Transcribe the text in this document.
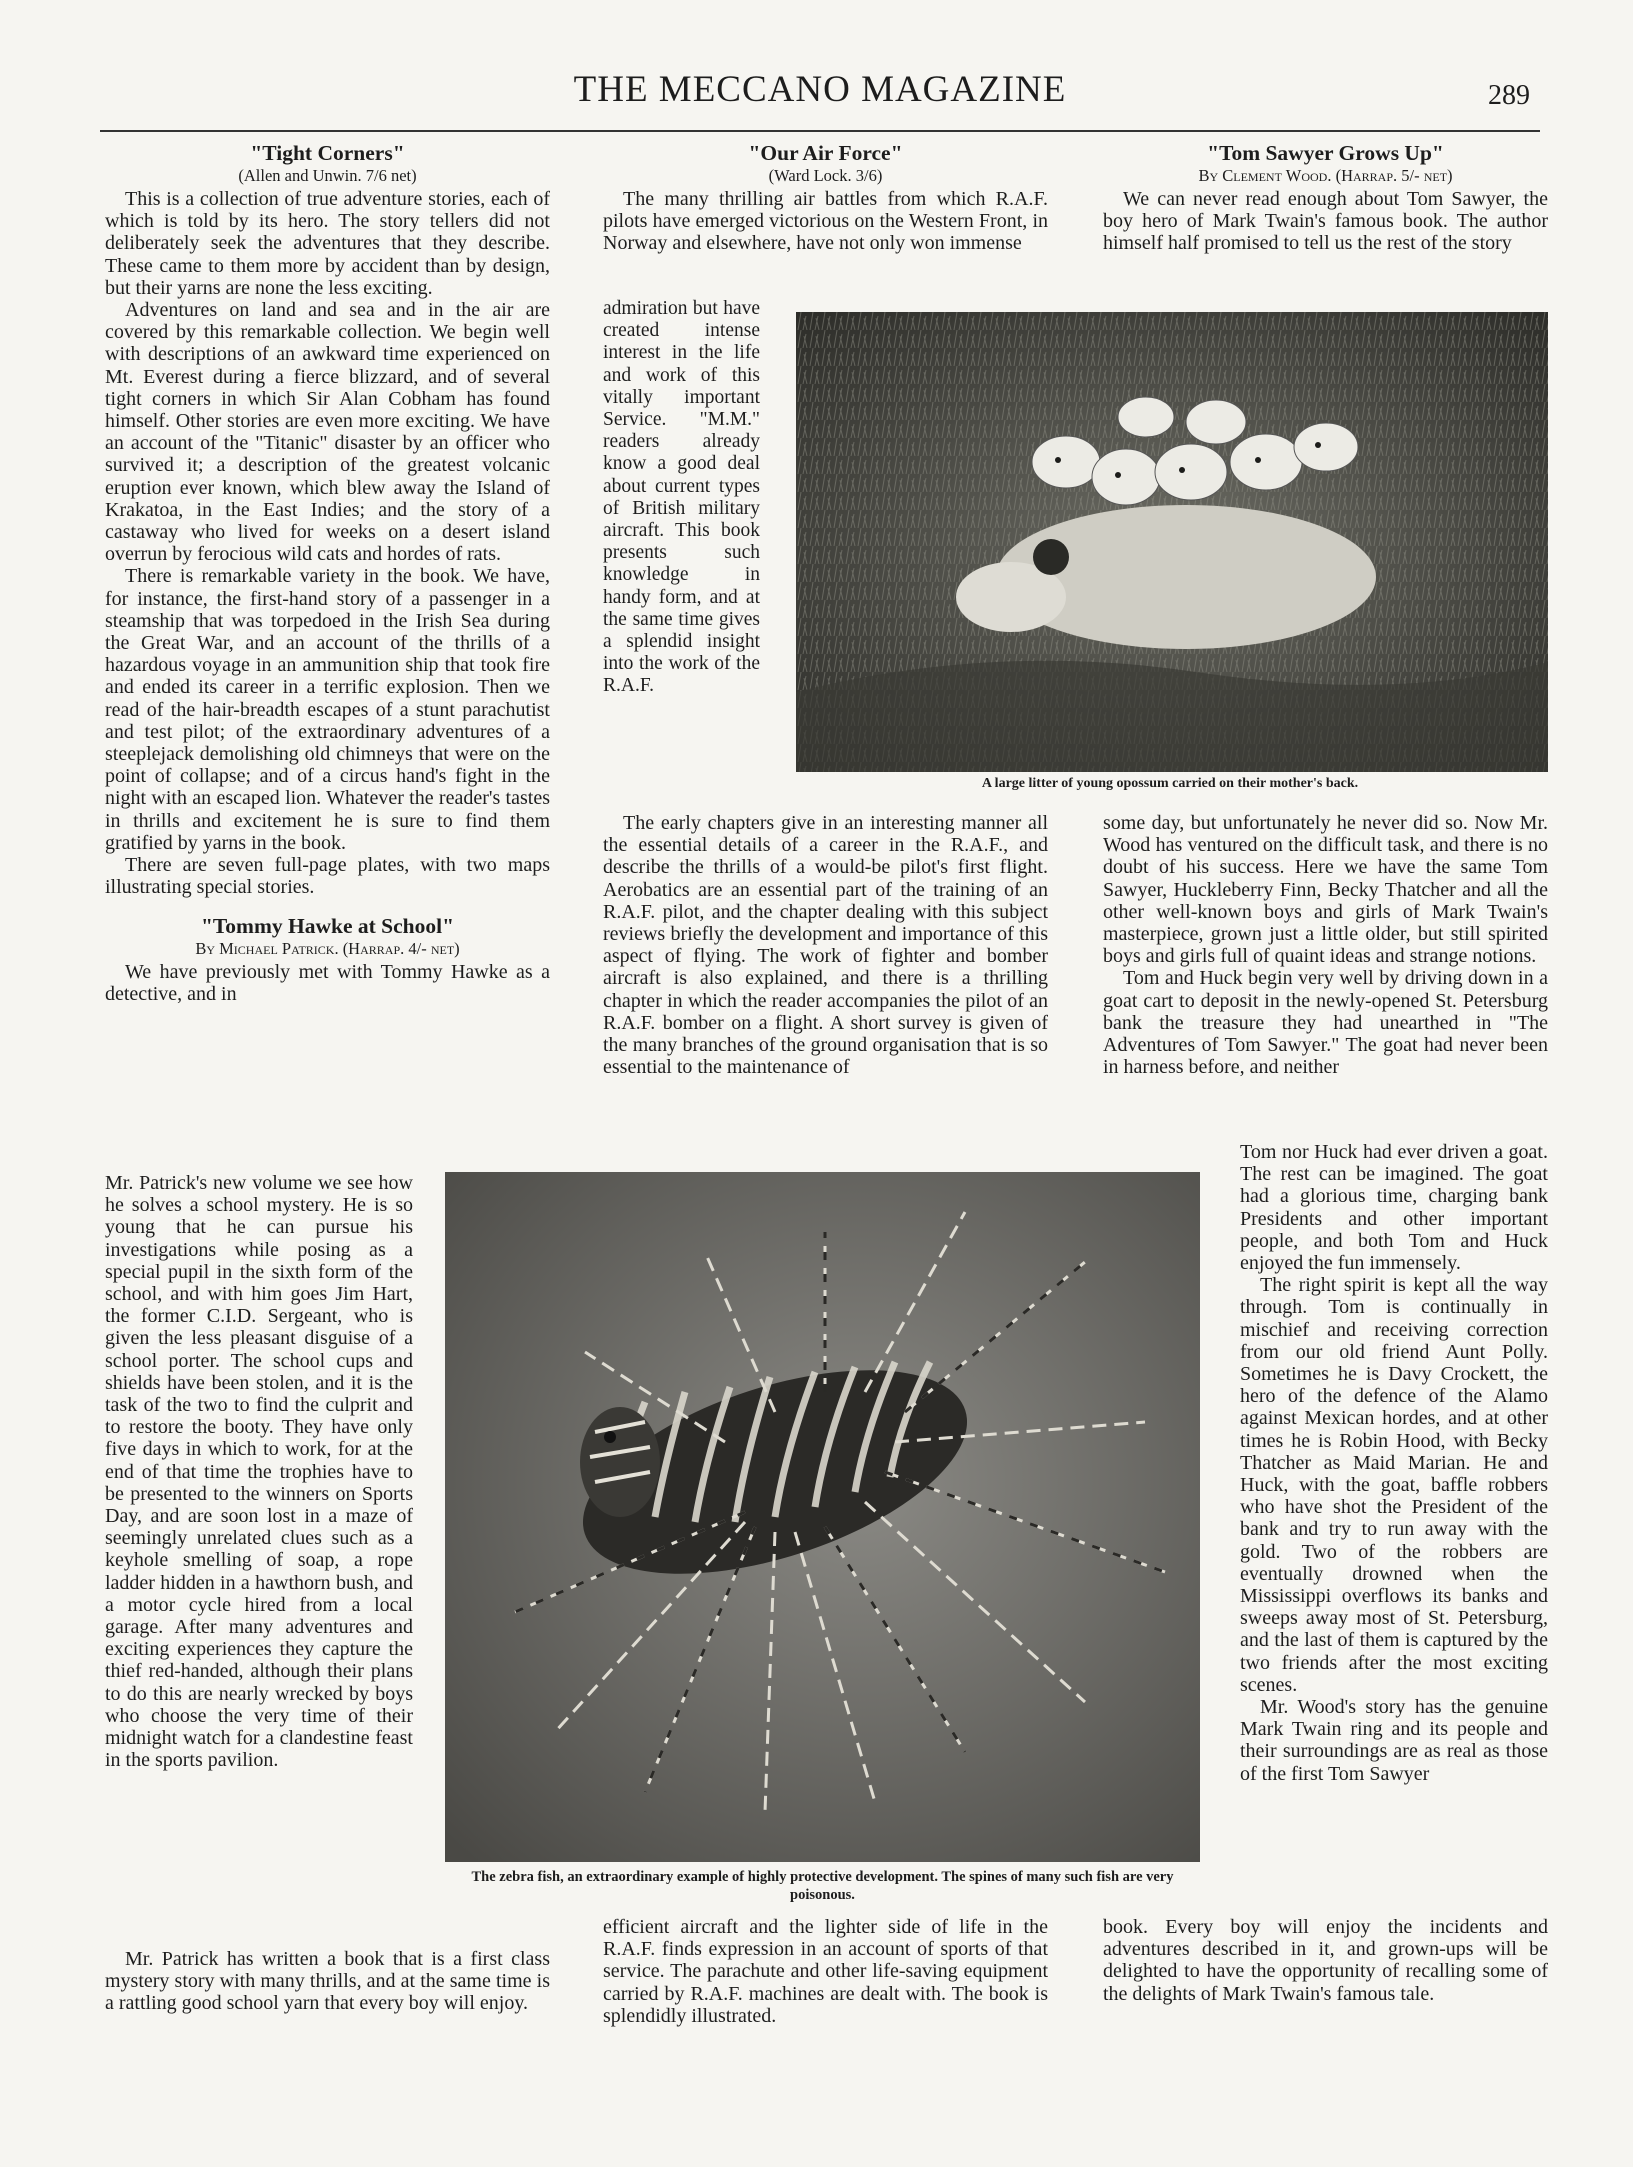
THE MECCANO MAGAZINE	289
"Tight Corners"
(Allen and Unwin. 7/6 net)

This is a collection of true adventure stories, each of which is told by its hero. The story tellers did not deliberately seek the adventures that they describe. These came to them more by accident than by design, but their yarns are none the less exciting.

Adventures on land and sea and in the air are covered by this remarkable collection. We begin well with descriptions of an awkward time experienced on Mt. Everest during a fierce blizzard, and of several tight corners in which Sir Alan Cobham has found himself. Other stories are even more exciting. We have an account of the "Titanic" disaster by an officer who survived it; a description of the greatest volcanic eruption ever known, which blew away the Island of Krakatoa, in the East Indies; and the story of a castaway who lived for weeks on a desert island overrun by ferocious wild cats and hordes of rats.

There is remarkable variety in the book. We have, for instance, the first-hand story of a passenger in a steamship that was torpedoed in the Irish Sea during the Great War, and an account of the thrills of a hazardous voyage in an ammunition ship that took fire and ended its career in a terrific explosion. Then we read of the hair-breadth escapes of a stunt parachutist and test pilot; of the extraordinary adventures of a steeplejack demolishing old chimneys that were on the point of collapse; and of a circus hand's fight in the night with an escaped lion. Whatever the reader's tastes in thrills and excitement he is sure to find them gratified by yarns in the book.

There are seven full-page plates, with two maps illustrating special stories.

"Tommy Hawke at School"
By Michael Patrick. (Harrap. 4/- net)

We have previously met with Tommy Hawke as a detective, and in

Mr. Patrick's new volume we see how he solves a school mystery. He is so young that he can pursue his investigations while posing as a special pupil in the sixth form of the school, and with him goes Jim Hart, the former C.I.D. Sergeant, who is given the less pleasant disguise of a school porter. The school cups and shields have been stolen, and it is the task of the two to find the culprit and to restore the booty. They have only five days in which to work, for at the end of that time the trophies have to be presented to the winners on Sports Day, and are soon lost in a maze of seemingly unrelated clues such as a keyhole smelling of soap, a rope ladder hidden in a hawthorn bush, and a motor cycle hired from a local garage. After many adventures and exciting experiences they capture the thief red-handed, although their plans to do this are nearly wrecked by boys who choose the very time of their midnight watch for a clandestine feast in the sports pavilion.

Mr. Patrick has written a book that is a first class mystery story with many thrills, and at the same time is a rattling good school yarn that every boy will enjoy.

"Our Air Force"
(Ward Lock. 3/6)

The many thrilling air battles from which R.A.F. pilots have emerged victorious on the Western Front, in Norway and elsewhere, have not only won immense

admiration but have created intense interest in the life and work of this vitally important Service. "M.M." readers already know a good deal about current types of British military aircraft. This book presents such knowledge in handy form, and at the same time gives a splendid insight into the work of the R.A.F.

The early chapters give in an interesting manner all the essential details of a career in the R.A.F., and describe the thrills of a would-be pilot's first flight. Aerobatics are an essential part of the training of an R.A.F. pilot, and the chapter dealing with this subject reviews briefly the development and importance of this aspect of flying. The work of fighter and bomber aircraft is also explained, and there is a thrilling chapter in which the reader accompanies the pilot of an R.A.F. bomber on a flight. A short survey is given of the many branches of the ground organisation that is so essential to the maintenance of

efficient aircraft and the lighter side of life in the R.A.F. finds expression in an account of sports of that service. The parachute and other life-saving equipment carried by R.A.F. machines are dealt with. The book is splendidly illustrated.

"Tom Sawyer Grows Up"
By Clement Wood. (Harrap. 5/- net)

We can never read enough about Tom Sawyer, the boy hero of Mark Twain's famous book. The author himself half promised to tell us the rest of the story

some day, but unfortunately he never did so. Now Mr. Wood has ventured on the difficult task, and there is no doubt of his success. Here we have the same Tom Sawyer, Huckleberry Finn, Becky Thatcher and all the other well-known boys and girls of Mark Twain's masterpiece, grown just a little older, but still spirited boys and girls full of quaint ideas and strange notions.

Tom and Huck begin very well by driving down in a goat cart to deposit in the newly-opened St. Petersburg bank the treasure they had unearthed in "The Adventures of Tom Sawyer." The goat had never been in harness before, and neither

Tom nor Huck had ever driven a goat. The rest can be imagined. The goat had a glorious time, charging bank Presidents and other important people, and both Tom and Huck enjoyed the fun immensely.

The right spirit is kept all the way through. Tom is continually in mischief and receiving correction from our old friend Aunt Polly. Sometimes he is Davy Crockett, the hero of the defence of the Alamo against Mexican hordes, and at other times he is Robin Hood, with Becky Thatcher as Maid Marian. He and Huck, with the goat, baffle robbers who have shot the President of the bank and try to run away with the gold. Two of the robbers are eventually drowned when the Mississippi overflows its banks and sweeps away most of St. Petersburg, and the last of them is captured by the two friends after the most exciting scenes.

Mr. Wood's story has the genuine Mark Twain ring and its people and their surroundings are as real as those of the first Tom Sawyer

book. Every boy will enjoy the incidents and adventures described in it, and grown-ups will be delighted to have the opportunity of recalling some of the delights of Mark Twain's famous tale.

A large litter of young opossum carried on their mother's back.
The zebra fish, an extraordinary example of highly protective development. The spines of many such fish are very poisonous.
